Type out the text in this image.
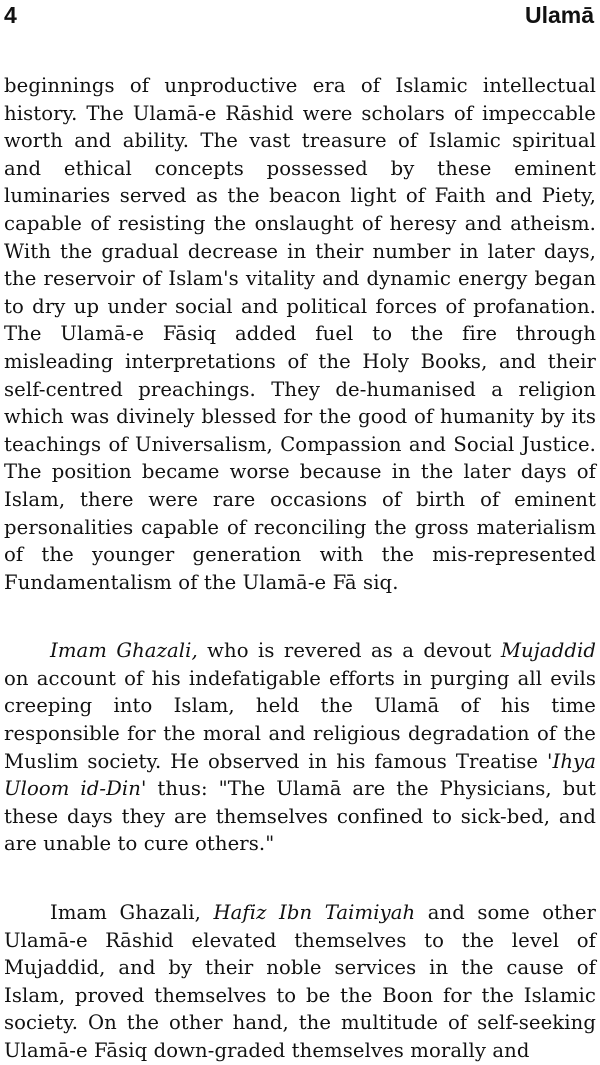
4	Ulamā

beginnings of unproductive era of Islamic intellectual history. The Ulamā-e Rāshid were scholars of impeccable worth and ability. The vast treasure of Islamic spiritual and ethical concepts possessed by these eminent luminaries served as the beacon light of Faith and Piety, capable of resisting the onslaught of heresy and atheism. With the gradual decrease in their number in later days, the reservoir of Islam's vitality and dynamic energy began to dry up under social and political forces of profanation. The Ulamā-e Fāsiq added fuel to the fire through misleading interpretations of the Holy Books, and their self-centred preachings. They de-humanised a religion which was divinely blessed for the good of humanity by its teachings of Universalism, Compassion and Social Justice. The position became worse because in the later days of Islam, there were rare occasions of birth of eminent personalities capable of reconciling the gross materialism of the younger generation with the mis-represented Fundamentalism of the Ulamā-e Fā siq.

Imam Ghazali, who is revered as a devout Mujaddid on account of his indefatigable efforts in purging all evils creeping into Islam, held the Ulamā of his time responsible for the moral and religious degradation of the Muslim society. He observed in his famous Treatise 'Ihya Uloom id-Din' thus: "The Ulamā are the Physicians, but these days they are themselves confined to sick-bed, and are unable to cure others."

Imam Ghazali, Hafiz Ibn Taimiyah and some other Ulamā-e Rāshid elevated themselves to the level of Mujaddid, and by their noble services in the cause of Islam, proved themselves to be the Boon for the Islamic society. On the other hand, the multitude of self-seeking Ulamā-e Fāsiq down-graded themselves morally and
